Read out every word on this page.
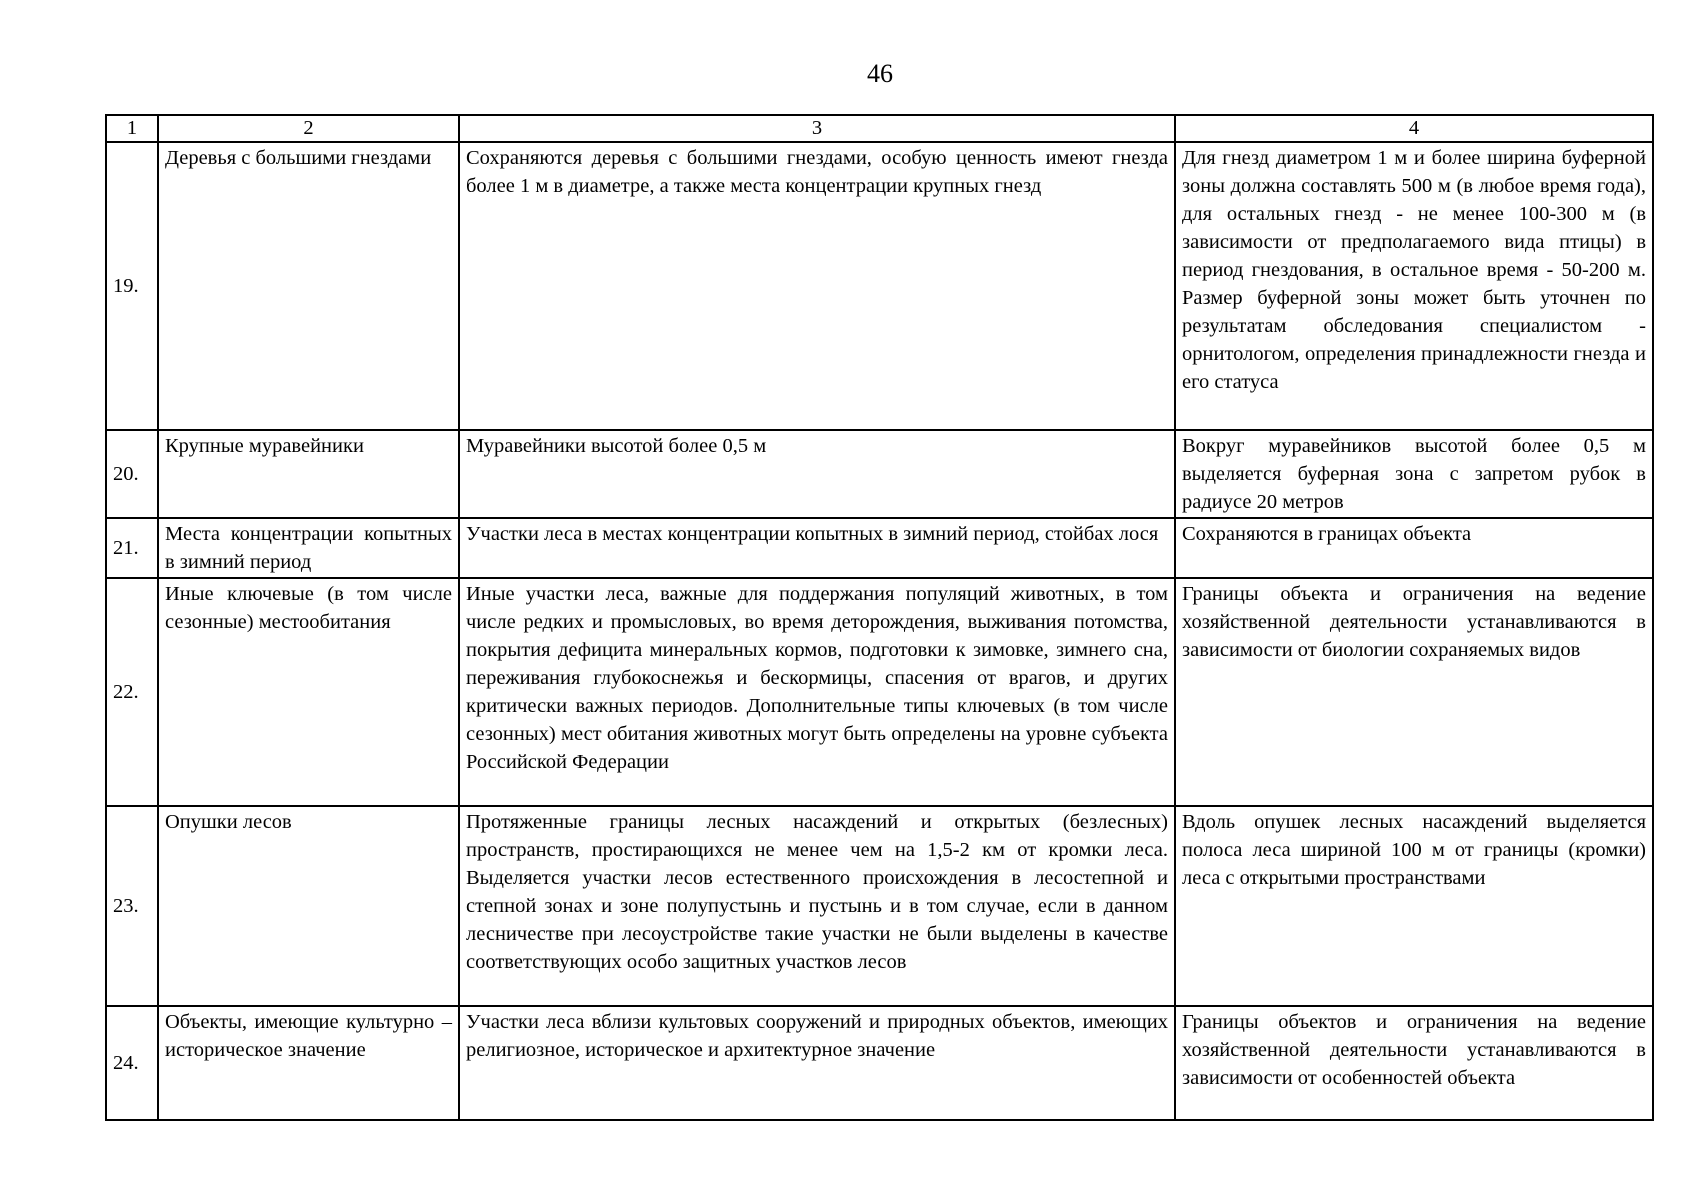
46
1	2	3	4
19.	Деревья с большими гнездами	Сохраняются деревья с большими гнездами, особую ценность имеют гнезда более 1 м в диаметре, а также места концентрации крупных гнезд	Для гнезд диаметром 1 м и более ширина буферной зоны должна составлять 500 м (в любое время года), для остальных гнезд - не менее 100-300 м (в зависимости от предполагаемого вида птицы) в период гнездования, в остальное время - 50-200 м. Размер буферной зоны может быть уточнен по результатам обследования специалистом - орнитологом, определения принадлежности гнезда и его статуса
20.	Крупные муравейники	Муравейники высотой более 0,5 м	Вокруг муравейников высотой более 0,5 м выделяется буферная зона с запретом рубок в радиусе 20 метров
21.	Места концентрации копытных в зимний период	Участки леса в местах концентрации копытных в зимний период, стойбах лося	Сохраняются в границах объекта
22.	Иные ключевые (в том числе сезонные) местообитания	Иные участки леса, важные для поддержания популяций животных, в том числе редких и промысловых, во время деторождения, выживания потомства, покрытия дефицита минеральных кормов, подготовки к зимовке, зимнего сна, переживания глубокоснежья и бескормицы, спасения от врагов, и других критически важных периодов. Дополнительные типы ключевых (в том числе сезонных) мест обитания животных могут быть определены на уровне субъекта Российской Федерации	Границы объекта и ограничения на ведение хозяйственной деятельности устанавливаются в зависимости от биологии сохраняемых видов
23.	Опушки лесов	Протяженные границы лесных насаждений и открытых (безлесных) пространств, простирающихся не менее чем на 1,5-2 км от кромки леса. Выделяется участки лесов естественного происхождения в лесостепной и степной зонах и зоне полупустынь и пустынь и в том случае, если в данном лесничестве при лесоустройстве такие участки не были выделены в качестве соответствующих особо защитных участков лесов	Вдоль опушек лесных насаждений выделяется полоса леса шириной 100 м от границы (кромки) леса с открытыми пространствами
24.	Объекты, имеющие культурно – историческое значение	Участки леса вблизи культовых сооружений и природных объектов, имеющих религиозное, историческое и архитектурное значение	Границы объектов и ограничения на ведение хозяйственной деятельности устанавливаются в зависимости от особенностей объекта
